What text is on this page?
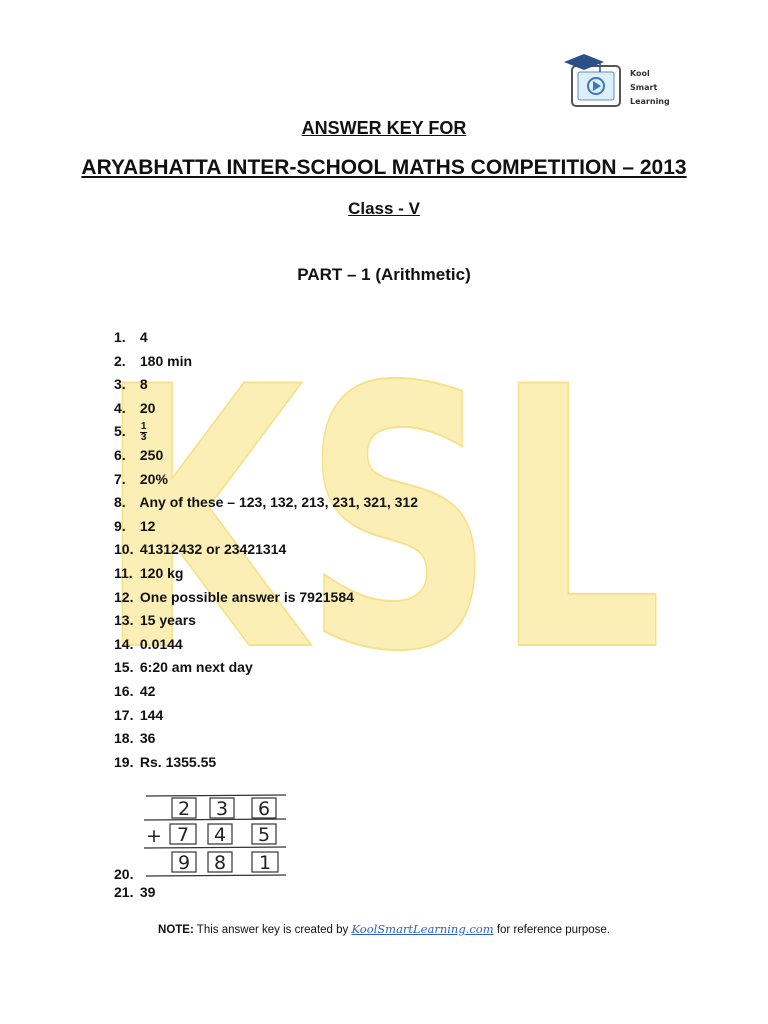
KSL
Kool
Smart
Learning
ANSWER KEY FOR
ARYABHATTA INTER-SCHOOL MATHS COMPETITION – 2013
Class - V
PART – 1 (Arithmetic)
1. 4
2. 180 min
3. 8
4. 20
5. $\frac{1}{3}$
6. 250
7. 20%
8. Any of these – 123, 132, 213, 231, 321, 312
9. 12
10. 41312432 or 23421314
11. 120 kg
12. One possible answer is 7921584
13. 15 years
14. 0.0144
15. 6:20 am next day
16. 42
17. 144
18. 36
19. Rs. 1355.55
2 3 6
+ 7 4 5
9 8 1
20.
21. 39
NOTE: This answer key is created by KoolSmartLearning.com for reference purpose.
